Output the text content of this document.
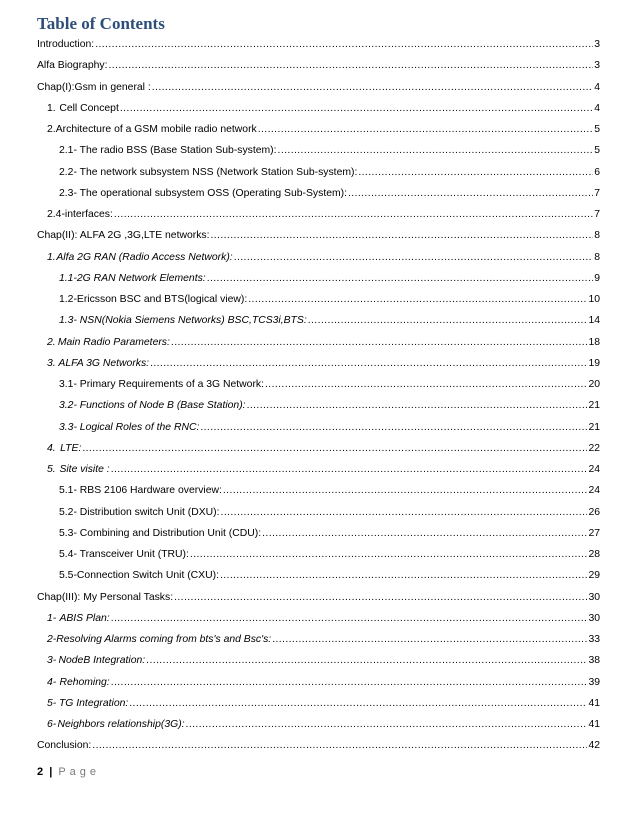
Table of Contents
Introduction: .....	3
Alfa Biography: .....	3
Chap(I):Gsm in general : .....	4
1. Cell Concept .....	4
2. Architecture of a GSM mobile radio network .....	5
2.1- The radio BSS (Base Station Sub-system): .....	5
2.2- The network subsystem NSS (Network Station Sub-system): .....	6
2.3- The operational subsystem OSS (Operating Sub-System): .....	7
2.4-interfaces: .....	7
Chap(II): ALFA 2G ,3G,LTE networks: .....	8
1. Alfa 2G RAN (Radio Access Network): .....	8
1.1- 2G RAN Network Elements: .....	9
1.2- Ericsson BSC and BTS(logical view): .....	10
1.3- NSN(Nokia Siemens Networks) BSC,TCS3i,BTS: .....	14
2. Main Radio Parameters: .....	18
3. ALFA 3G Networks: .....	19
3.1- Primary Requirements of a 3G Network: .....	20
3.2- Functions of Node B (Base Station): .....	21
3.3- Logical Roles of the RNC: .....	21
4. LTE: .....	22
5. Site visite : .....	24
5.1- RBS 2106 Hardware overview: .....	24
5.2- Distribution switch Unit (DXU): .....	26
5.3- Combining and Distribution Unit (CDU): .....	27
5.4- Transceiver Unit (TRU): .....	28
5.5- Connection Switch Unit (CXU): .....	29
Chap(III): My Personal Tasks: .....	30
1- ABIS Plan: .....	30
2- Resolving Alarms coming from bts's and Bsc's: .....	33
3- NodeB Integration: .....	38
4- Rehoming: .....	39
5- TG Integration: .....	41
6- Neighbors relationship(3G): .....	41
Conclusion: .....	42
2 | Page
